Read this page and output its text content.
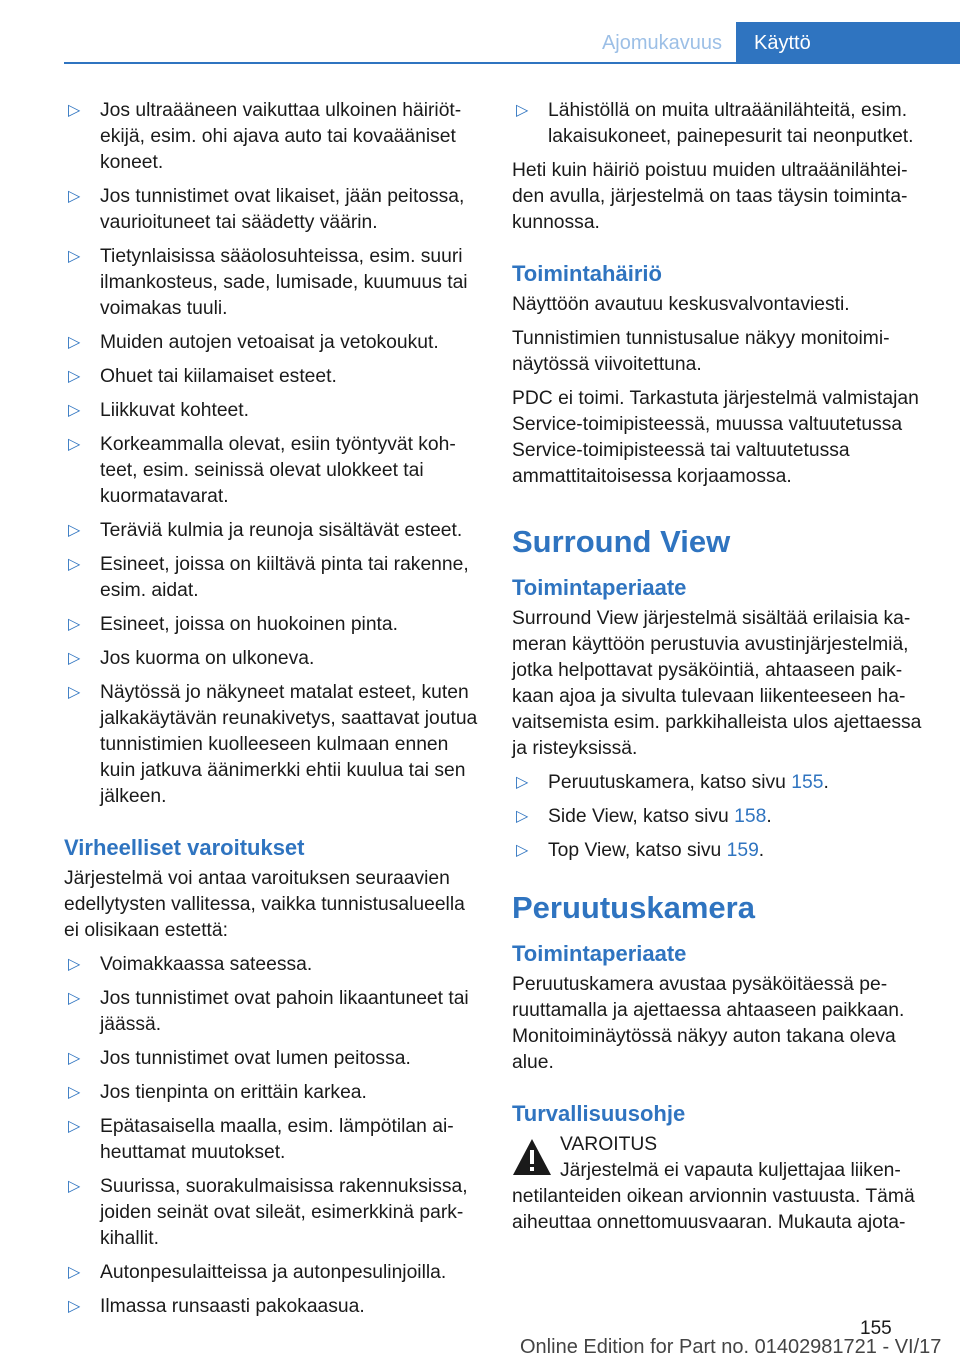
Ajomukavuus	Käyttö
▷ Jos ultraääneen vaikuttaa ulkoinen häiriötekijä, esim. ohi ajava auto tai kovaääniset koneet.
▷ Jos tunnistimet ovat likaiset, jään peitossa, vaurioituneet tai säädetty väärin.
▷ Tietynlaisissa sääolosuhteissa, esim. suuri ilmankosteus, sade, lumisade, kuumuus tai voimakas tuuli.
▷ Muiden autojen vetoaisat ja vetokoukut.
▷ Ohuet tai kiilamaiset esteet.
▷ Liikkuvat kohteet.
▷ Korkeammalla olevat, esiin työntyvät kohteet, esim. seinissä olevat ulokkeet tai kuormatavarat.
▷ Teräviä kulmia ja reunoja sisältävät esteet.
▷ Esineet, joissa on kiiltävä pinta tai rakenne, esim. aidat.
▷ Esineet, joissa on huokoinen pinta.
▷ Jos kuorma on ulkoneva.
▷ Näytössä jo näkyneet matalat esteet, kuten jalkakäytävän reunakivetys, saattavat joutua tunnistimien kuolleeseen kulmaan ennen kuin jatkuva äänimerkki ehtii kuulua tai sen jälkeen.
Virheelliset varoitukset

Järjestelmä voi antaa varoituksen seuraavien edellytysten vallitessa, vaikka tunnistusalueella ei olisikaan estettä:

▷ Voimakkaassa sateessa.
▷ Jos tunnistimet ovat pahoin likaantuneet tai jäässä.
▷ Jos tunnistimet ovat lumen peitossa.
▷ Jos tienpinta on erittäin karkea.
▷ Epätasaisella maalla, esim. lämpötilan aiheuttamat muutokset.
▷ Suurissa, suorakulmaisissa rakennuksissa, joiden seinät ovat sileät, esimerkkinä parkkihallit.
▷ Autonpesulaitteissa ja autonpesulinjoilla.
▷ Ilmassa runsaasti pakokaasua.
▷ Lähistöllä on muita ultraäänilähteitä, esim. lakaisukoneet, painepesurit tai neonputket.

Heti kuin häiriö poistuu muiden ultraäänilähteiden avulla, järjestelmä on taas täysin toimintakunnossa.

Toimintahäiriö

Näyttöön avautuu keskusvalvontaviesti.

Tunnistimien tunnistusalue näkyy monitoiminäytössä viivoitettuna.

PDC ei toimi. Tarkastuta järjestelmä valmistajan Service-toimipisteessä, muussa valtuutetussa Service-toimipisteessä tai valtuutetussa ammattitaitoisessa korjaamossa.

Surround View
Toimintaperiaate

Surround View järjestelmä sisältää erilaisia kameran käyttöön perustuvia avustinjärjestelmiä, jotka helpottavat pysäköintiä, ahtaaseen paikkaan ajoa ja sivulta tulevaan liikenteeseen havaitsemista esim. parkkihalleista ulos ajettaessa ja risteyksissä.

▷ Peruutuskamera, katso sivu 155.
▷ Side View, katso sivu 158.
▷ Top View, katso sivu 159.
Peruutuskamera
Toimintaperiaate

Peruutuskamera avustaa pysäköitäessä peruuttamalla ja ajettaessa ahtaaseen paikkaan. Monitoiminäytössä näkyy auton takana oleva alue.

Turvallisuusohje
VAROITUS

Järjestelmä ei vapauta kuljettajaa liikennetilanteiden oikean arvionnin vastuusta. Tämä aiheuttaa onnettomuusvaaran. Mukauta ajota-

155
Online Edition for Part no. 01402981721 - VI/17
